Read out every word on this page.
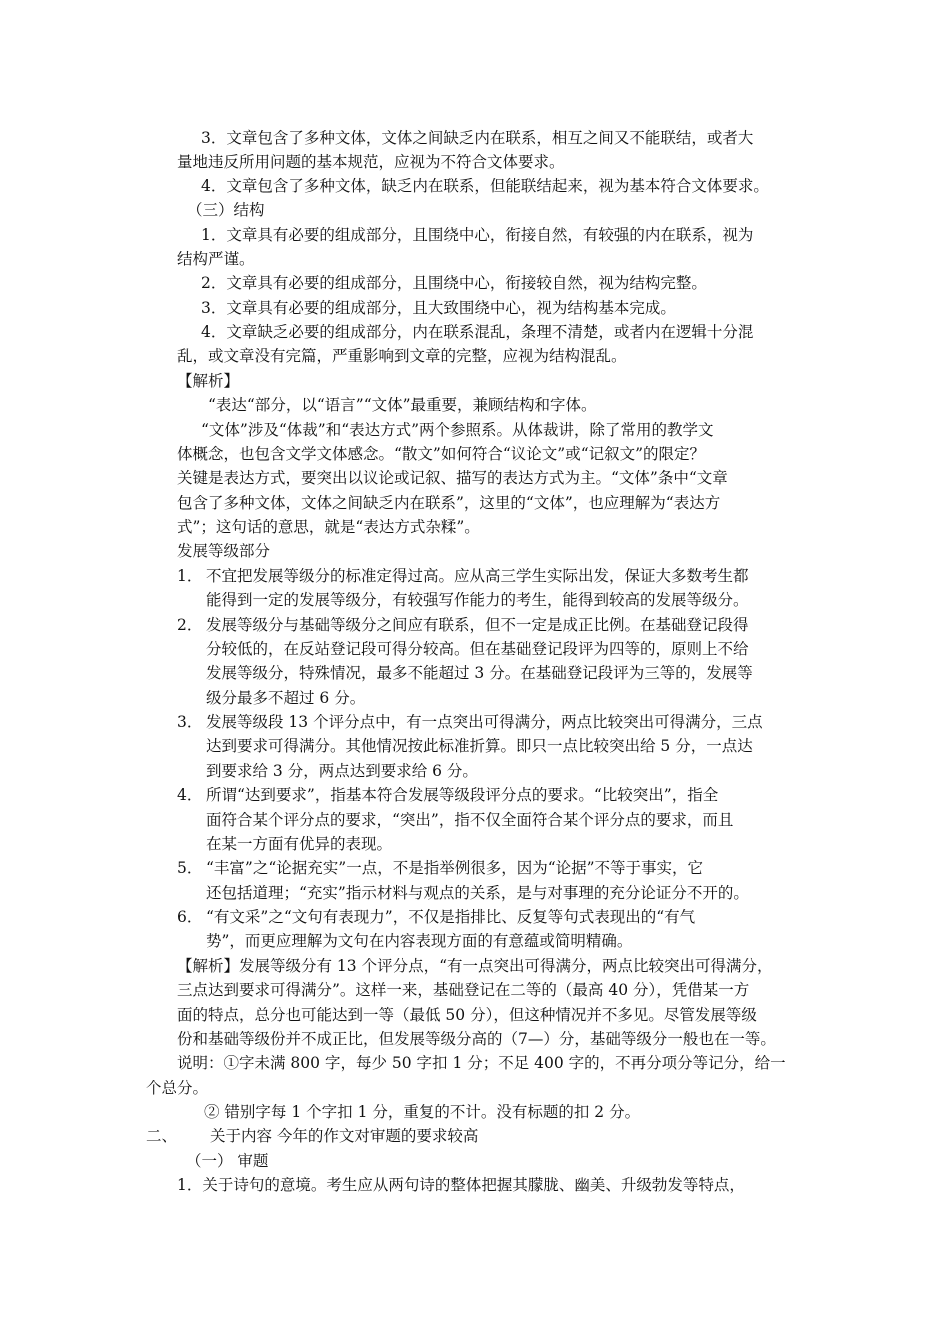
3．文章包含了多种文体，文体之间缺乏内在联系，相互之间又不能联结，或者大
量地违反所用问题的基本规范，应视为不符合文体要求。
4．文章包含了多种文体，缺乏内在联系，但能联结起来，视为基本符合文体要求。
（三）结构
1．文章具有必要的组成部分，且围绕中心，衔接自然，有较强的内在联系，视为
结构严谨。
2．文章具有必要的组成部分，且围绕中心，衔接较自然，视为结构完整。
3．文章具有必要的组成部分，且大致围绕中心，视为结构基本完成。
4．文章缺乏必要的组成部分，内在联系混乱，条理不清楚，或者内在逻辑十分混
乱，或文章没有完篇，严重影响到文章的完整，应视为结构混乱。
【解析】
“表达“部分，以“语言”“文体”最重要，兼顾结构和字体。
“文体”涉及“体裁”和“表达方式”两个参照系。从体裁讲，除了常用的教学文
体概念，也包含文学文体感念。“散文”如何符合“议论文”或“记叙文”的限定？
关键是表达方式，要突出以议论或记叙、描写的表达方式为主。“文体”条中“文章
包含了多种文体，文体之间缺乏内在联系”，这里的“文体”，也应理解为“表达方
式”；这句话的意思，就是“表达方式杂糅”。
发展等级部分
1． 不宜把发展等级分的标准定得过高。应从高三学生实际出发，保证大多数考生都
能得到一定的发展等级分，有较强写作能力的考生，能得到较高的发展等级分。
2． 发展等级分与基础等级分之间应有联系，但不一定是成正比例。在基础登记段得
分较低的，在反站登记段可得分较高。但在基础登记段评为四等的，原则上不给
发展等级分，特殊情况，最多不能超过 3 分。在基础登记段评为三等的，发展等
级分最多不超过 6 分。
3． 发展等级段 13 个评分点中，有一点突出可得满分，两点比较突出可得满分，三点
达到要求可得满分。其他情况按此标准折算。即只一点比较突出给 5 分，一点达
到要求给 3 分，两点达到要求给 6 分。
4． 所谓“达到要求”，指基本符合发展等级段评分点的要求。“比较突出”，指全
面符合某个评分点的要求，“突出”，指不仅全面符合某个评分点的要求，而且
在某一方面有优异的表现。
5． “丰富”之“论据充实”一点，不是指举例很多，因为“论据”不等于事实，它
还包括道理；“充实”指示材料与观点的关系，是与对事理的充分论证分不开的。
6． “有文采”之“文句有表现力”，不仅是指排比、反复等句式表现出的“有气
势”，而更应理解为文句在内容表现方面的有意蕴或简明精确。
【解析】发展等级分有 13 个评分点，“有一点突出可得满分，两点比较突出可得满分，
三点达到要求可得满分”。这样一来，基础登记在二等的（最高 40 分），凭借某一方
面的特点，总分也可能达到一等（最低 50 分），但这种情况并不多见。尽管发展等级
份和基础等级份并不成正比，但发展等级分高的（7—）分，基础等级分一般也在一等。
说明：①字未满 800 字，每少 50 字扣 1 分；不足 400 字的，不再分项分等记分，给一
个总分。
② 错别字每 1 个字扣 1 分，重复的不计。没有标题的扣 2 分。
二、 关于内容 今年的作文对审题的要求较高
（一） 审题
1．关于诗句的意境。考生应从两句诗的整体把握其朦胧、幽美、升级勃发等特点，
